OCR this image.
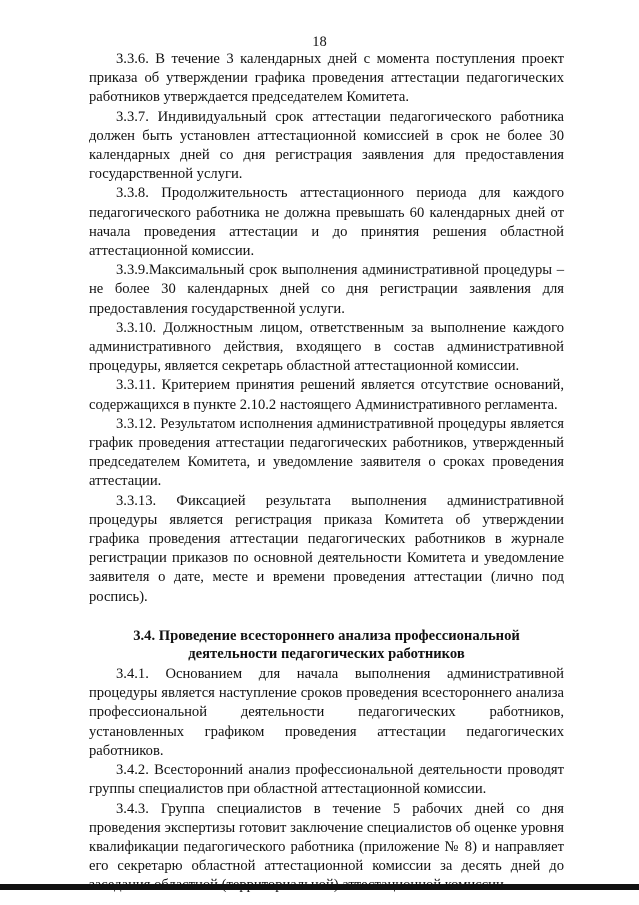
18

3.3.6. В течение 3 календарных дней с момента поступления проект приказа об утверждении графика проведения аттестации педагогических работников утверждается председателем Комитета.

3.3.7. Индивидуальный срок аттестации педагогического работника должен быть установлен аттестационной комиссией в срок не более 30 календарных дней со дня регистрация заявления для предоставления государственной услуги.

3.3.8. Продолжительность аттестационного периода для каждого педагогического работника не должна превышать 60 календарных дней от начала проведения аттестации и до принятия решения областной аттестационной комиссии.

3.3.9.Максимальный срок выполнения административной процедуры – не более 30 календарных дней со дня регистрации заявления для предоставления государственной услуги.

3.3.10. Должностным лицом, ответственным за выполнение каждого административного действия, входящего в состав административной процедуры, является секретарь областной аттестационной комиссии.

3.3.11. Критерием принятия решений является отсутствие оснований, содержащихся в пункте 2.10.2 настоящего Административного регламента.

3.3.12. Результатом исполнения административной процедуры является график проведения аттестации педагогических работников, утвержденный председателем Комитета, и уведомление заявителя о сроках проведения аттестации.

3.3.13. Фиксацией результата выполнения административной процедуры является регистрация приказа Комитета об утверждении графика проведения аттестации педагогических работников в журнале регистрации приказов по основной деятельности Комитета и уведомление заявителя о дате, месте и времени проведения аттестации (лично под роспись).

3.4. Проведение всестороннего анализа профессиональной деятельности педагогических работников

3.4.1. Основанием для начала выполнения административной процедуры является наступление сроков проведения всестороннего анализа профессиональной деятельности педагогических работников, установленных графиком проведения аттестации педагогических работников.

3.4.2. Всесторонний анализ профессиональной деятельности проводят группы специалистов при областной аттестационной комиссии.

3.4.3. Группа специалистов в течение 5 рабочих дней со дня проведения экспертизы готовит заключение специалистов об оценке уровня квалификации педагогического работника (приложение № 8) и направляет его секретарю областной аттестационной комиссии за десять дней до
